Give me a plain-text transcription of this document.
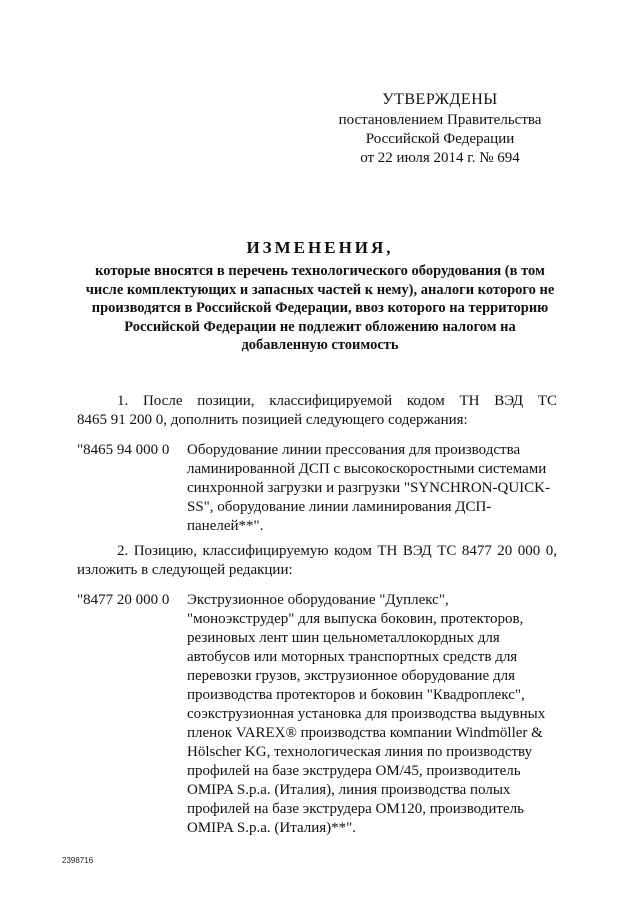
УТВЕРЖДЕНЫ
постановлением Правительства
Российской Федерации
от 22 июля 2014 г. № 694
ИЗМЕНЕНИЯ,
которые вносятся в перечень технологического оборудования (в том числе комплектующих и запасных частей к нему), аналоги которого не производятся в Российской Федерации, ввоз которого на территорию Российской Федерации не подлежит обложению налогом на добавленную стоимость
1. После позиции, классифицируемой кодом ТН ВЭД ТС
8465 91 200 0, дополнить позицией следующего содержания:
"8465 94 000 0	Оборудование линии прессования для производства ламинированной ДСП с высокоскоростными системами синхронной загрузки и разгрузки "SYNCHRON-QUICK-SS", оборудование линии ламинирования ДСП-панелей**".
2. Позицию, классифицируемую кодом ТН ВЭД ТС 8477 20 000 0,
изложить в следующей редакции:
"8477 20 000 0	Экструзионное оборудование "Дуплекс", "моноэкструдер" для выпуска боковин, протекторов, резиновых лент шин цельнометаллокордных для автобусов или моторных транспортных средств для перевозки грузов, экструзионное оборудование для производства протекторов и боковин "Квадроплекс", соэкструзионная установка для производства выдувных пленок VAREX® производства компании Windmöller & Hölscher KG, технологическая линия по производству профилей на базе экструдера OM/45, производитель OMIPA S.p.a. (Италия), линия производства полых профилей на базе экструдера OM120, производитель OMIPA S.p.a. (Италия)**".
2398716
